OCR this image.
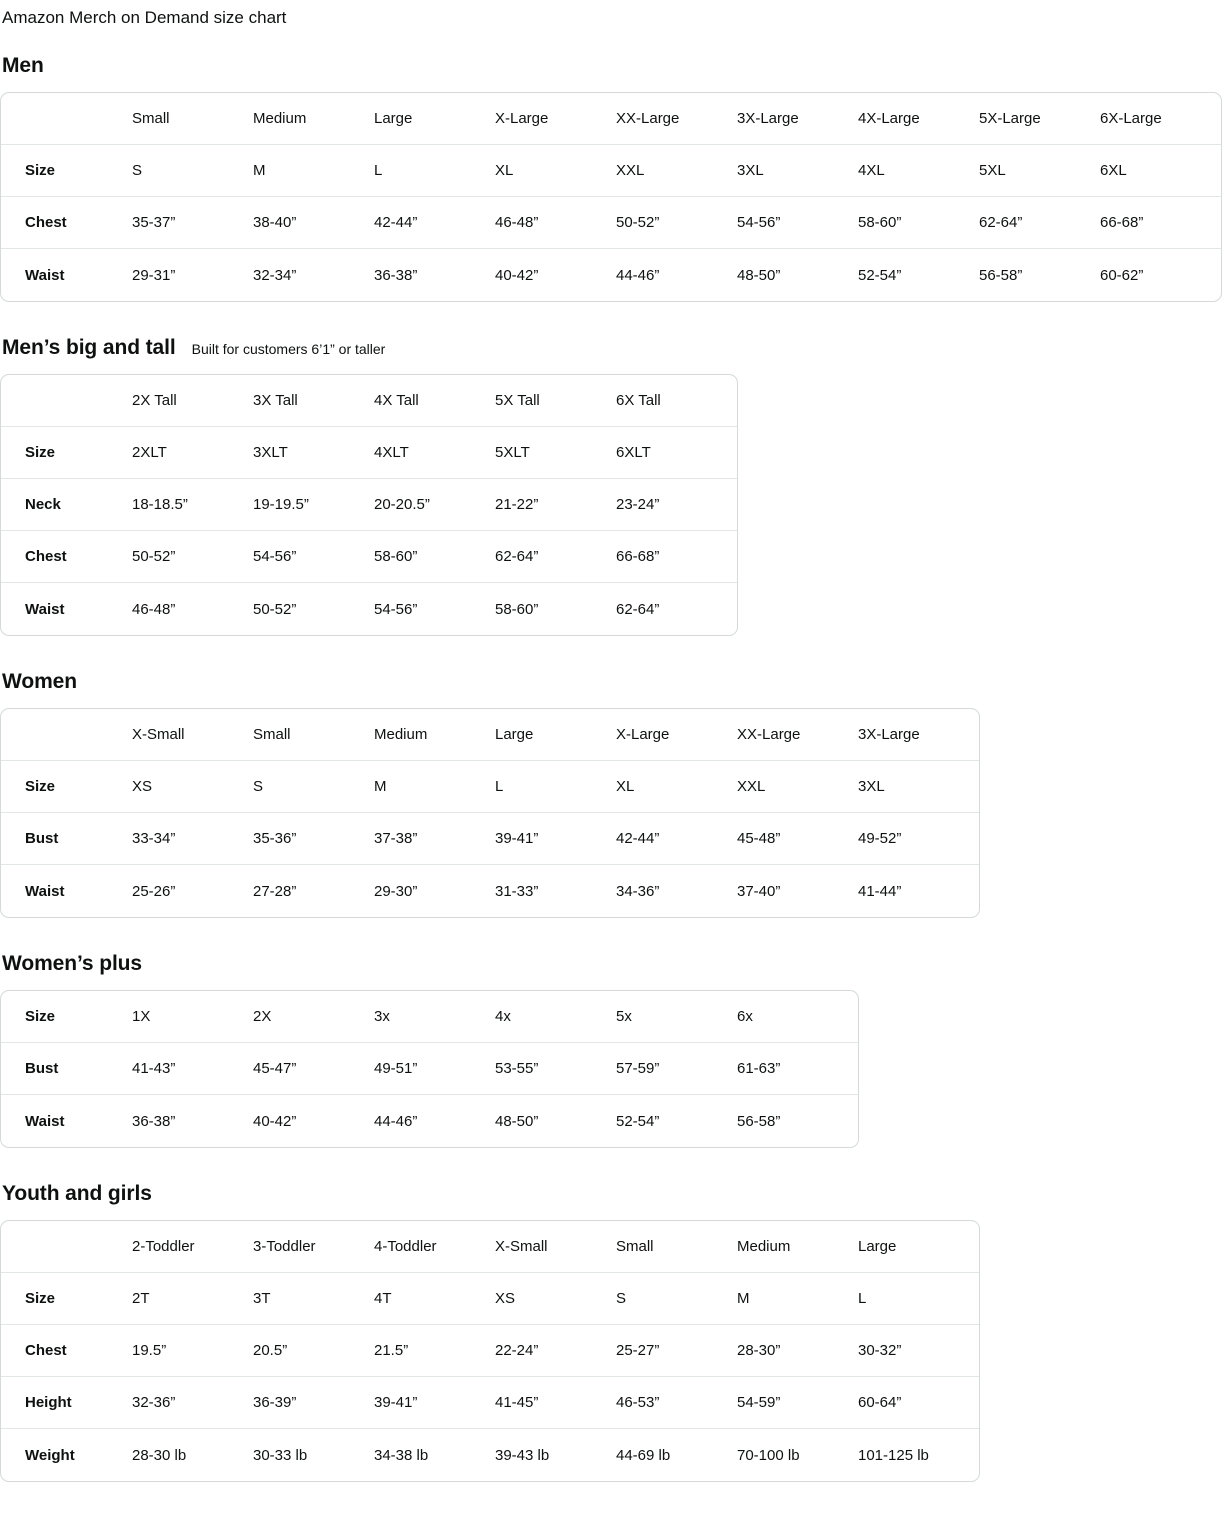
Amazon Merch on Demand size chart
Men
	Small	Medium	Large	X-Large	XX-Large	3X-Large	4X-Large	5X-Large	6X-Large
Size	S	M	L	XL	XXL	3XL	4XL	5XL	6XL
Chest	35-37”	38-40”	42-44”	46-48”	50-52”	54-56”	58-60”	62-64”	66-68”
Waist	29-31”	32-34”	36-38”	40-42”	44-46”	48-50”	52-54”	56-58”	60-62”
Men’s big and tall Built for customers 6’1” or taller
	2X Tall	3X Tall	4X Tall	5X Tall	6X Tall
Size	2XLT	3XLT	4XLT	5XLT	6XLT
Neck	18-18.5”	19-19.5”	20-20.5”	21-22”	23-24”
Chest	50-52”	54-56”	58-60”	62-64”	66-68”
Waist	46-48”	50-52”	54-56”	58-60”	62-64”
Women
	X-Small	Small	Medium	Large	X-Large	XX-Large	3X-Large
Size	XS	S	M	L	XL	XXL	3XL
Bust	33-34”	35-36”	37-38”	39-41”	42-44”	45-48”	49-52”
Waist	25-26”	27-28”	29-30”	31-33”	34-36”	37-40”	41-44”
Women’s plus
Size	1X	2X	3x	4x	5x	6x
Bust	41-43”	45-47”	49-51”	53-55”	57-59”	61-63”
Waist	36-38”	40-42”	44-46”	48-50”	52-54”	56-58”
Youth and girls
	2-Toddler	3-Toddler	4-Toddler	X-Small	Small	Medium	Large
Size	2T	3T	4T	XS	S	M	L
Chest	19.5”	20.5”	21.5”	22-24”	25-27”	28-30”	30-32”
Height	32-36”	36-39”	39-41”	41-45”	46-53”	54-59”	60-64”
Weight	28-30 lb	30-33 lb	34-38 lb	39-43 lb	44-69 lb	70-100 lb	101-125 lb
